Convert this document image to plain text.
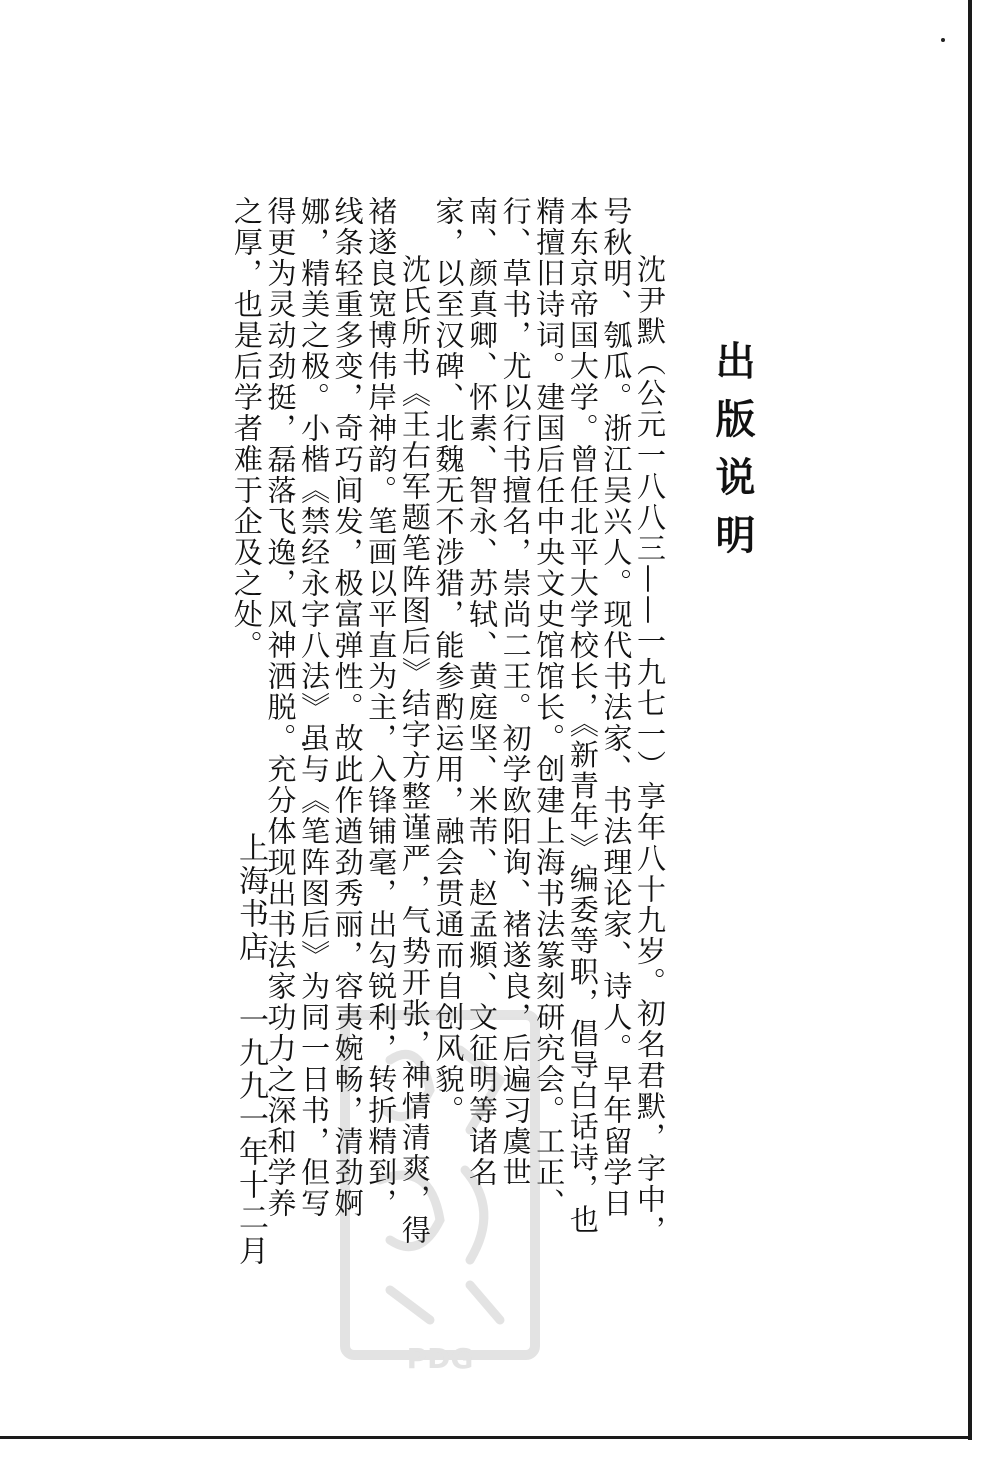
出版说明

沈尹默（公元一八八三——一九七一）享年八十九岁。初名君默，字中，号秋明、瓠瓜。浙江吴兴人。现代书法家、书法理论家、诗人。早年留学日本东京帝国大学。曾任北平大学校长，《新青年》编委等职，倡导白话诗，也精擅旧诗词。建国后任中央文史馆馆长。创建上海书法篆刻研究会。工正、行、草书，尤以行书擅名，崇尚二王。初学欧阳询、褚遂良，后遍习虞世南、颜真卿、怀素、智永、苏轼、黄庭坚、米芾、赵孟頫、文征明等诸名家，以至汉碑、北魏无不涉猎，能参酌运用，融会贯通而自创风貌。

沈氏所书《王右军题笔阵图后》结字方整谨严，气势开张，神情清爽，得褚遂良宽博伟岸神韵。笔画以平直为主，入锋铺毫，出勾锐利，转折精到，线条轻重多变，奇巧间发，极富弹性。故此作遒劲秀丽，容夷婉畅，清劲婀娜，精美之极。小楷《禁经永字八法》虽与《笔阵图后》为同一日书，但写得更为灵动劲挺，磊落飞逸，风神洒脱。充分体现出书法家功力之深和学养之厚，也是后学者难于企及之处。

上海书店一九九一年十二月
PDG
